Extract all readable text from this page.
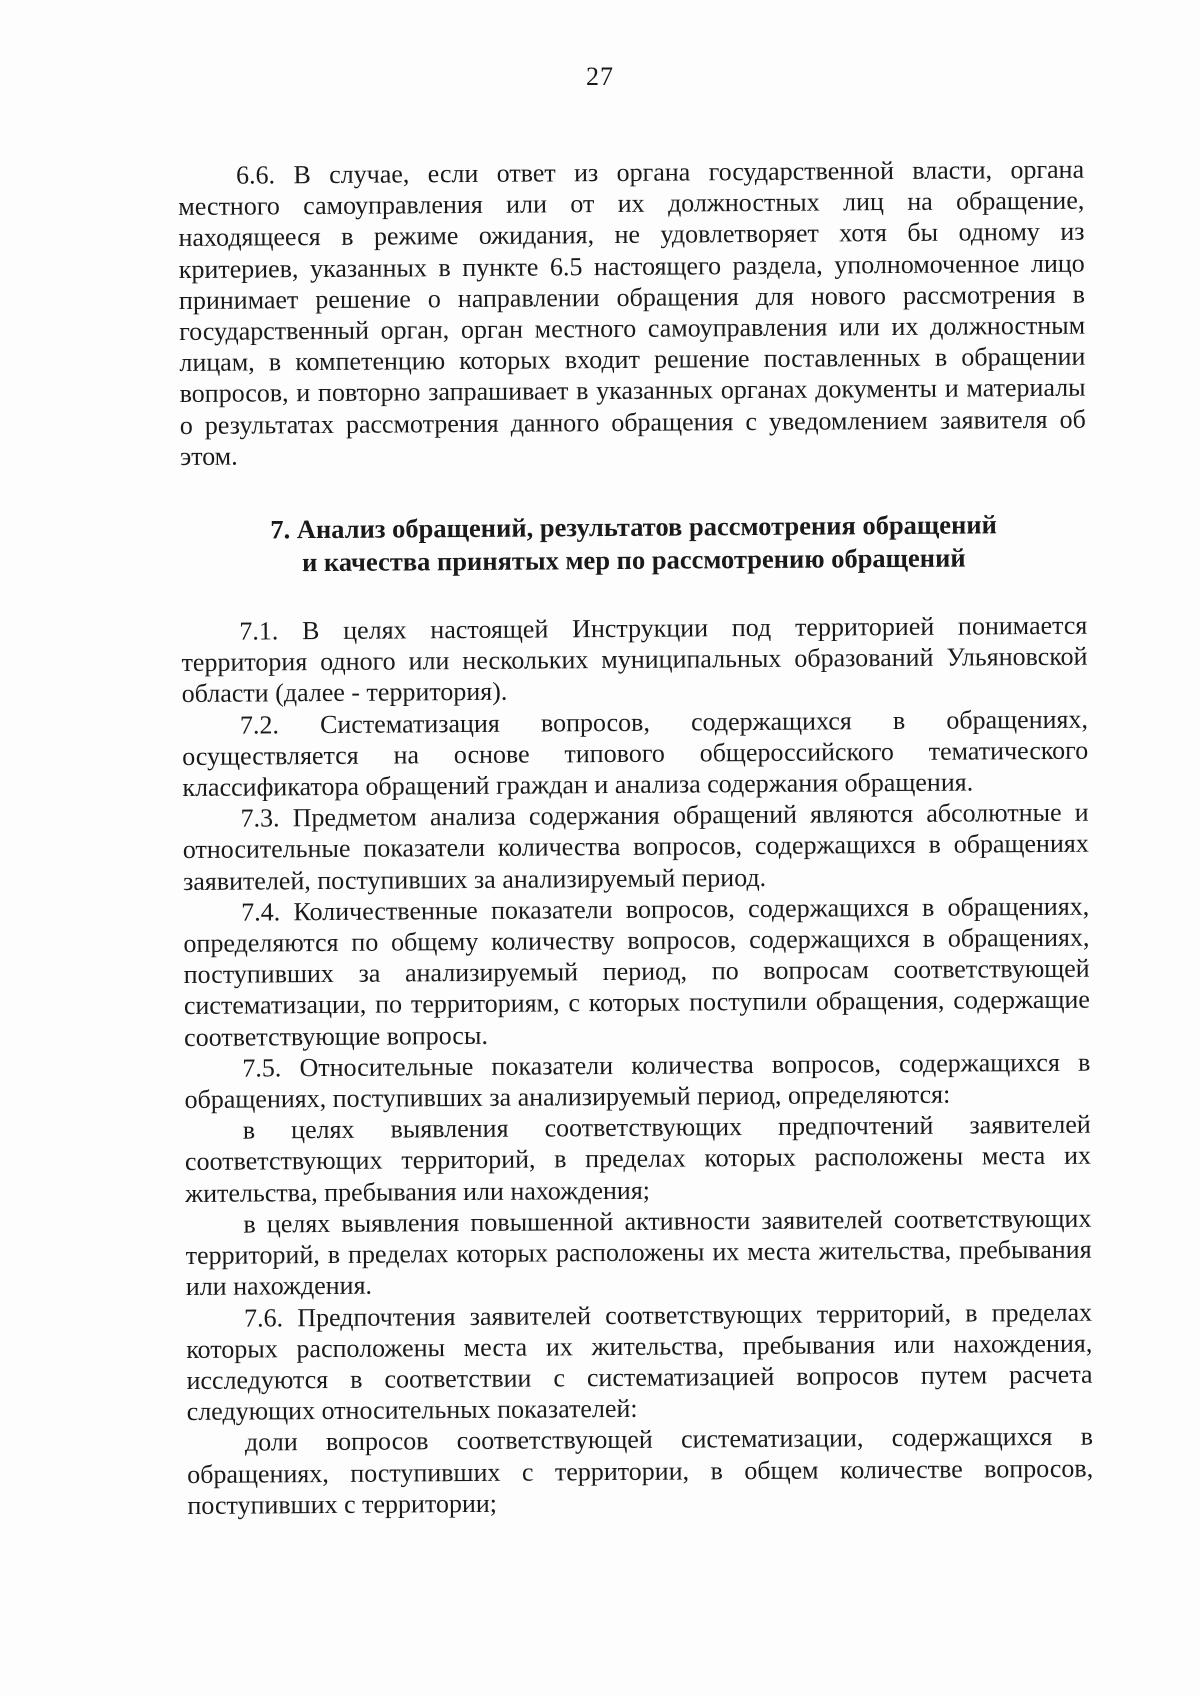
27

6.6. В случае, если ответ из органа государственной власти, органа местного самоуправления или от их должностных лиц на обращение, находящееся в режиме ожидания, не удовлетворяет хотя бы одному из критериев, указанных в пункте 6.5 настоящего раздела, уполномоченное лицо принимает решение о направлении обращения для нового рассмотрения в государственный орган, орган местного самоуправления или их должностным лицам, в компетенцию которых входит решение поставленных в обращении вопросов, и повторно запрашивает в указанных органах документы и материалы о результатах рассмотрения данного обращения с уведомлением заявителя об этом.

7. Анализ обращений, результатов рассмотрения обращений
и качества принятых мер по рассмотрению обращений

7.1. В целях настоящей Инструкции под территорией понимается территория одного или нескольких муниципальных образований Ульяновской области (далее - территория).

7.2. Систематизация вопросов, содержащихся в обращениях, осуществляется на основе типового общероссийского тематического классификатора обращений граждан и анализа содержания обращения.

7.3. Предметом анализа содержания обращений являются абсолютные и относительные показатели количества вопросов, содержащихся в обращениях заявителей, поступивших за анализируемый период.

7.4. Количественные показатели вопросов, содержащихся в обращениях, определяются по общему количеству вопросов, содержащихся в обращениях, поступивших за анализируемый период, по вопросам соответствующей систематизации, по территориям, с которых поступили обращения, содержащие соответствующие вопросы.

7.5. Относительные показатели количества вопросов, содержащихся в обращениях, поступивших за анализируемый период, определяются:

в целях выявления соответствующих предпочтений заявителей соответствующих территорий, в пределах которых расположены места их жительства, пребывания или нахождения;

в целях выявления повышенной активности заявителей соответствующих территорий, в пределах которых расположены их места жительства, пребывания или нахождения.

7.6. Предпочтения заявителей соответствующих территорий, в пределах которых расположены места их жительства, пребывания или нахождения, исследуются в соответствии с систематизацией вопросов путем расчета следующих относительных показателей:

доли вопросов соответствующей систематизации, содержащихся в обращениях, поступивших с территории, в общем количестве вопросов, поступивших с территории;
